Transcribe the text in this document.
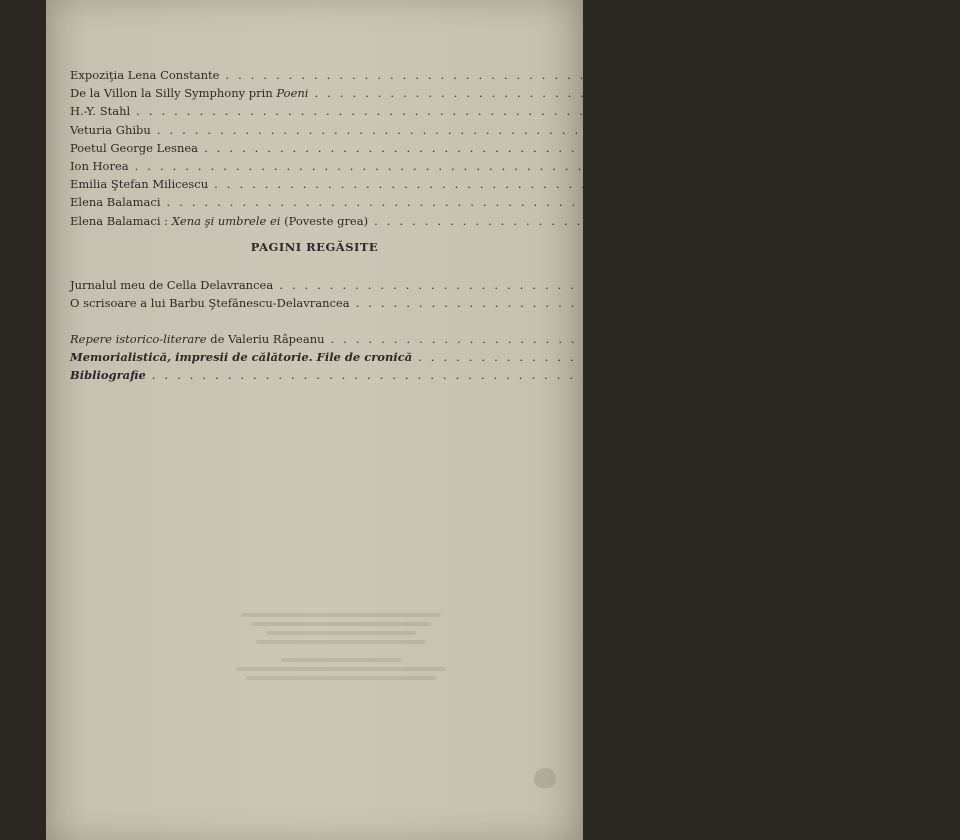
Expoziţia Lena Constante ........................................	534
De la Villon la Silly Symphony prin Poeni ........................................	536
H.-Y. Stahl ........................................	540
Veturia Ghibu ........................................	541
Poetul George Lesnea ........................................	548
Ion Horea ........................................	550
Emilia Ştefan Milicescu ........................................	552
Elena Balamaci ........................................	554
Elena Balamaci : Xena şi umbrele ei (Poveste grea) ........................................	560
PAGINI REGĂSITE
Jurnalul meu de Cella Delavrancea ........................................	566
O scrisoare a lui Barbu Ştefănescu-Delavrancea ........................................	578
Repere istorico-literare de Valeriu Râpeanu ........................................	583
Memorialistică, impresii de călătorie. File de cronică ........................................	593
Bibliografie ........................................	612
